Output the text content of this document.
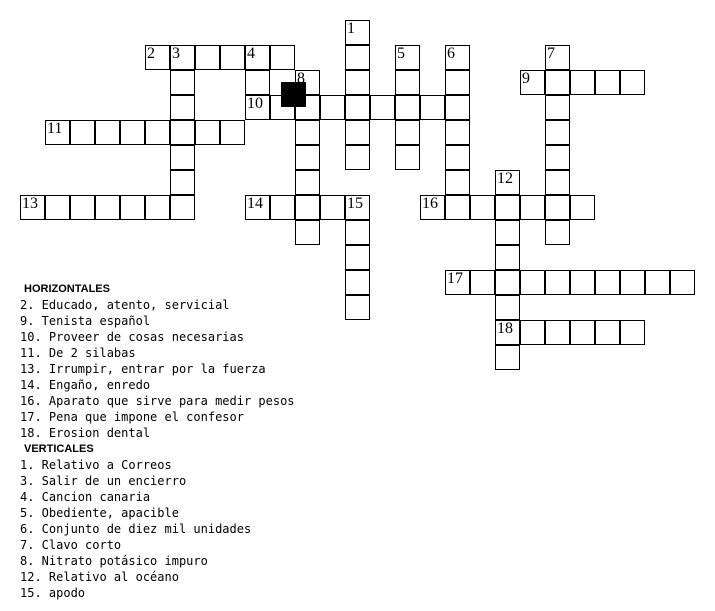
1
2 3	4	5	6	7
8	9
10
11
12
13	14	15	16
17
18
HORIZONTALES
2. Educado, atento, servicial
9. Tenista español
10. Proveer de cosas necesarias
11. De 2 silabas
13. Irrumpir, entrar por la fuerza
14. Engaño, enredo
16. Aparato que sirve para medir pesos
17. Pena que impone el confesor
18. Erosion dental
VERTICALES
1. Relativo a Correos
3. Salir de un encierro
4. Cancion canaria
5. Obediente, apacible
6. Conjunto de diez mil unidades
7. Clavo corto
8. Nitrato potásico impuro
12. Relativo al océano
15. apodo
